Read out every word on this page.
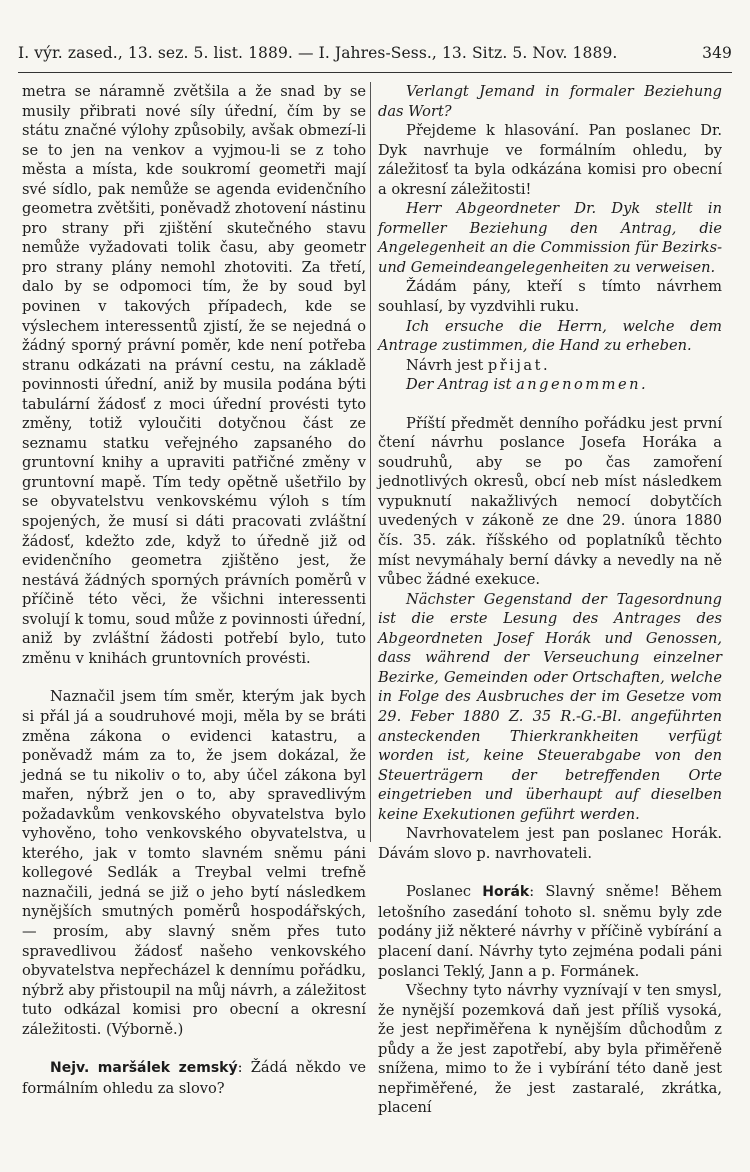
I. výr. zased., 13. sez. 5. list. 1889. — I. Jahres-Sess., 13. Sitz. 5. Nov. 1889.	349

metra se náramně zvětšila a že snad by se musily přibrati nové síly úřední, čím by se státu značné výlohy způsobily, avšak obmezí-li se to jen na venkov a vyjmou-li se z toho města a místa, kde soukromí geometři mají své sídlo, pak nemůže se agenda evidenčního geometra zvětšiti, poněvadž zhotovení nástinu pro strany při zjištění skutečného stavu nemůže vyžadovati tolik času, aby geometr pro strany plány nemohl zhotoviti. Za třetí, dalo by se odpomoci tím, že by soud byl povinen v takových případech, kde se výslechem interessentů zjistí, že se nejedná o žádný sporný právní poměr, kde není potřeba stranu odkázati na právní cestu, na základě povinnosti úřední, aniž by musila podána býti tabulární žádosť z moci úřední provésti tyto změny, totiž vyloučiti dotyčnou část ze seznamu statku veřejného zapsaného do gruntovní knihy a upraviti patřičné změny v gruntovní mapě. Tím tedy opětně ušetřilo by se obyvatelstvu venkovskému výloh s tím spojených, že musí si dáti pracovati zvláštní žádosť, kdežto zde, když to úředně již od evidenčního geometra zjištěno jest, že nestává žádných sporných právních poměrů v příčině této věci, že všichni interessenti svolují k tomu, soud může z povinnosti úřední, aniž by zvláštní žádosti potřebí bylo, tuto změnu v knihách gruntovních provésti.

Naznačil jsem tím směr, kterým jak bych si přál já a soudruhové moji, měla by se bráti změna zákona o evidenci katastru, a poněvadž mám za to, že jsem dokázal, že jedná se tu nikoliv o to, aby účel zákona byl mařen, nýbrž jen o to, aby spravedlivým požadavkům venkovského obyvatelstva bylo vyhověno, toho venkovského obyvatelstva, u kterého, jak v tomto slavném sněmu páni kollegové Sedlák a Treybal velmi trefně naznačili, jedná se již o jeho bytí následkem nynějších smutných poměrů hospodářských, — prosím, aby slavný sněm přes tuto spravedlivou žádosť našeho venkovského obyvatelstva nepřecházel k dennímu pořádku, nýbrž aby přistoupil na můj návrh, a záležitost tuto odkázal komisi pro obecní a okresní záležitosti. (Výborně.)

Nejv. maršálek zemský: Žádá někdo ve formálním ohledu za slovo?

Verlangt Jemand in formaler Beziehung das Wort?

Přejdeme k hlasování. Pan poslanec Dr. Dyk navrhuje ve formálním ohledu, by záležitosť ta byla odkázána komisi pro obecní a okresní záležitosti!

Herr Abgeordneter Dr. Dyk stellt in formeller Beziehung den Antrag, die Angelegenheit an die Commission für Bezirks- und Gemeindeangelegenheiten zu verweisen.

Žádám pány, kteří s tímto návrhem souhlasí, by vyzdvihli ruku.

Ich ersuche die Herrn, welche dem Antrage zustimmen, die Hand zu erheben.

Návrh jest přijat.

Der Antrag ist angenommen.

Příští předmět denního pořádku jest první čtení návrhu poslance Josefa Horáka a soudruhů, aby se po čas zamoření jednotlivých okresů, obcí neb míst následkem vypuknutí nakažlivých nemocí dobytčích uvedených v zákoně ze dne 29. února 1880 čís. 35. zák. říšského od poplatníků těchto míst nevymáhaly berní dávky a nevedly na ně vůbec žádné exekuce.

Nächster Gegenstand der Tagesordnung ist die erste Lesung des Antrages des Abgeordneten Josef Horák und Genossen, dass während der Verseuchung einzelner Bezirke, Gemeinden oder Ortschaften, welche in Folge des Ausbruches der im Gesetze vom 29. Feber 1880 Z. 35 R.-G.-Bl. angeführten ansteckenden Thierkrankheiten verfügt worden ist, keine Steuerabgabe von den Steuerträgern der betreffenden Orte eingetrieben und überhaupt auf dieselben keine Exekutionen geführt werden.

Navrhovatelem jest pan poslanec Horák. Dávám slovo p. navrhovateli.

Poslanec Horák: Slavný sněme! Během letošního zasedání tohoto sl. sněmu byly zde podány již některé návrhy v příčině vybírání a placení daní. Návrhy tyto zejména podali páni poslanci Teklý, Jann a p. Formánek.

Všechny tyto návrhy vyznívají v ten smysl, že nynější pozemková daň jest příliš vysoká, že jest nepřiměřena k nynějším důchodům z půdy a že jest zapotřebí, aby byla přiměřeně snížena, mimo to že i vybírání této daně jest nepřiměřené, že jest zastaralé, zkrátka, placení
